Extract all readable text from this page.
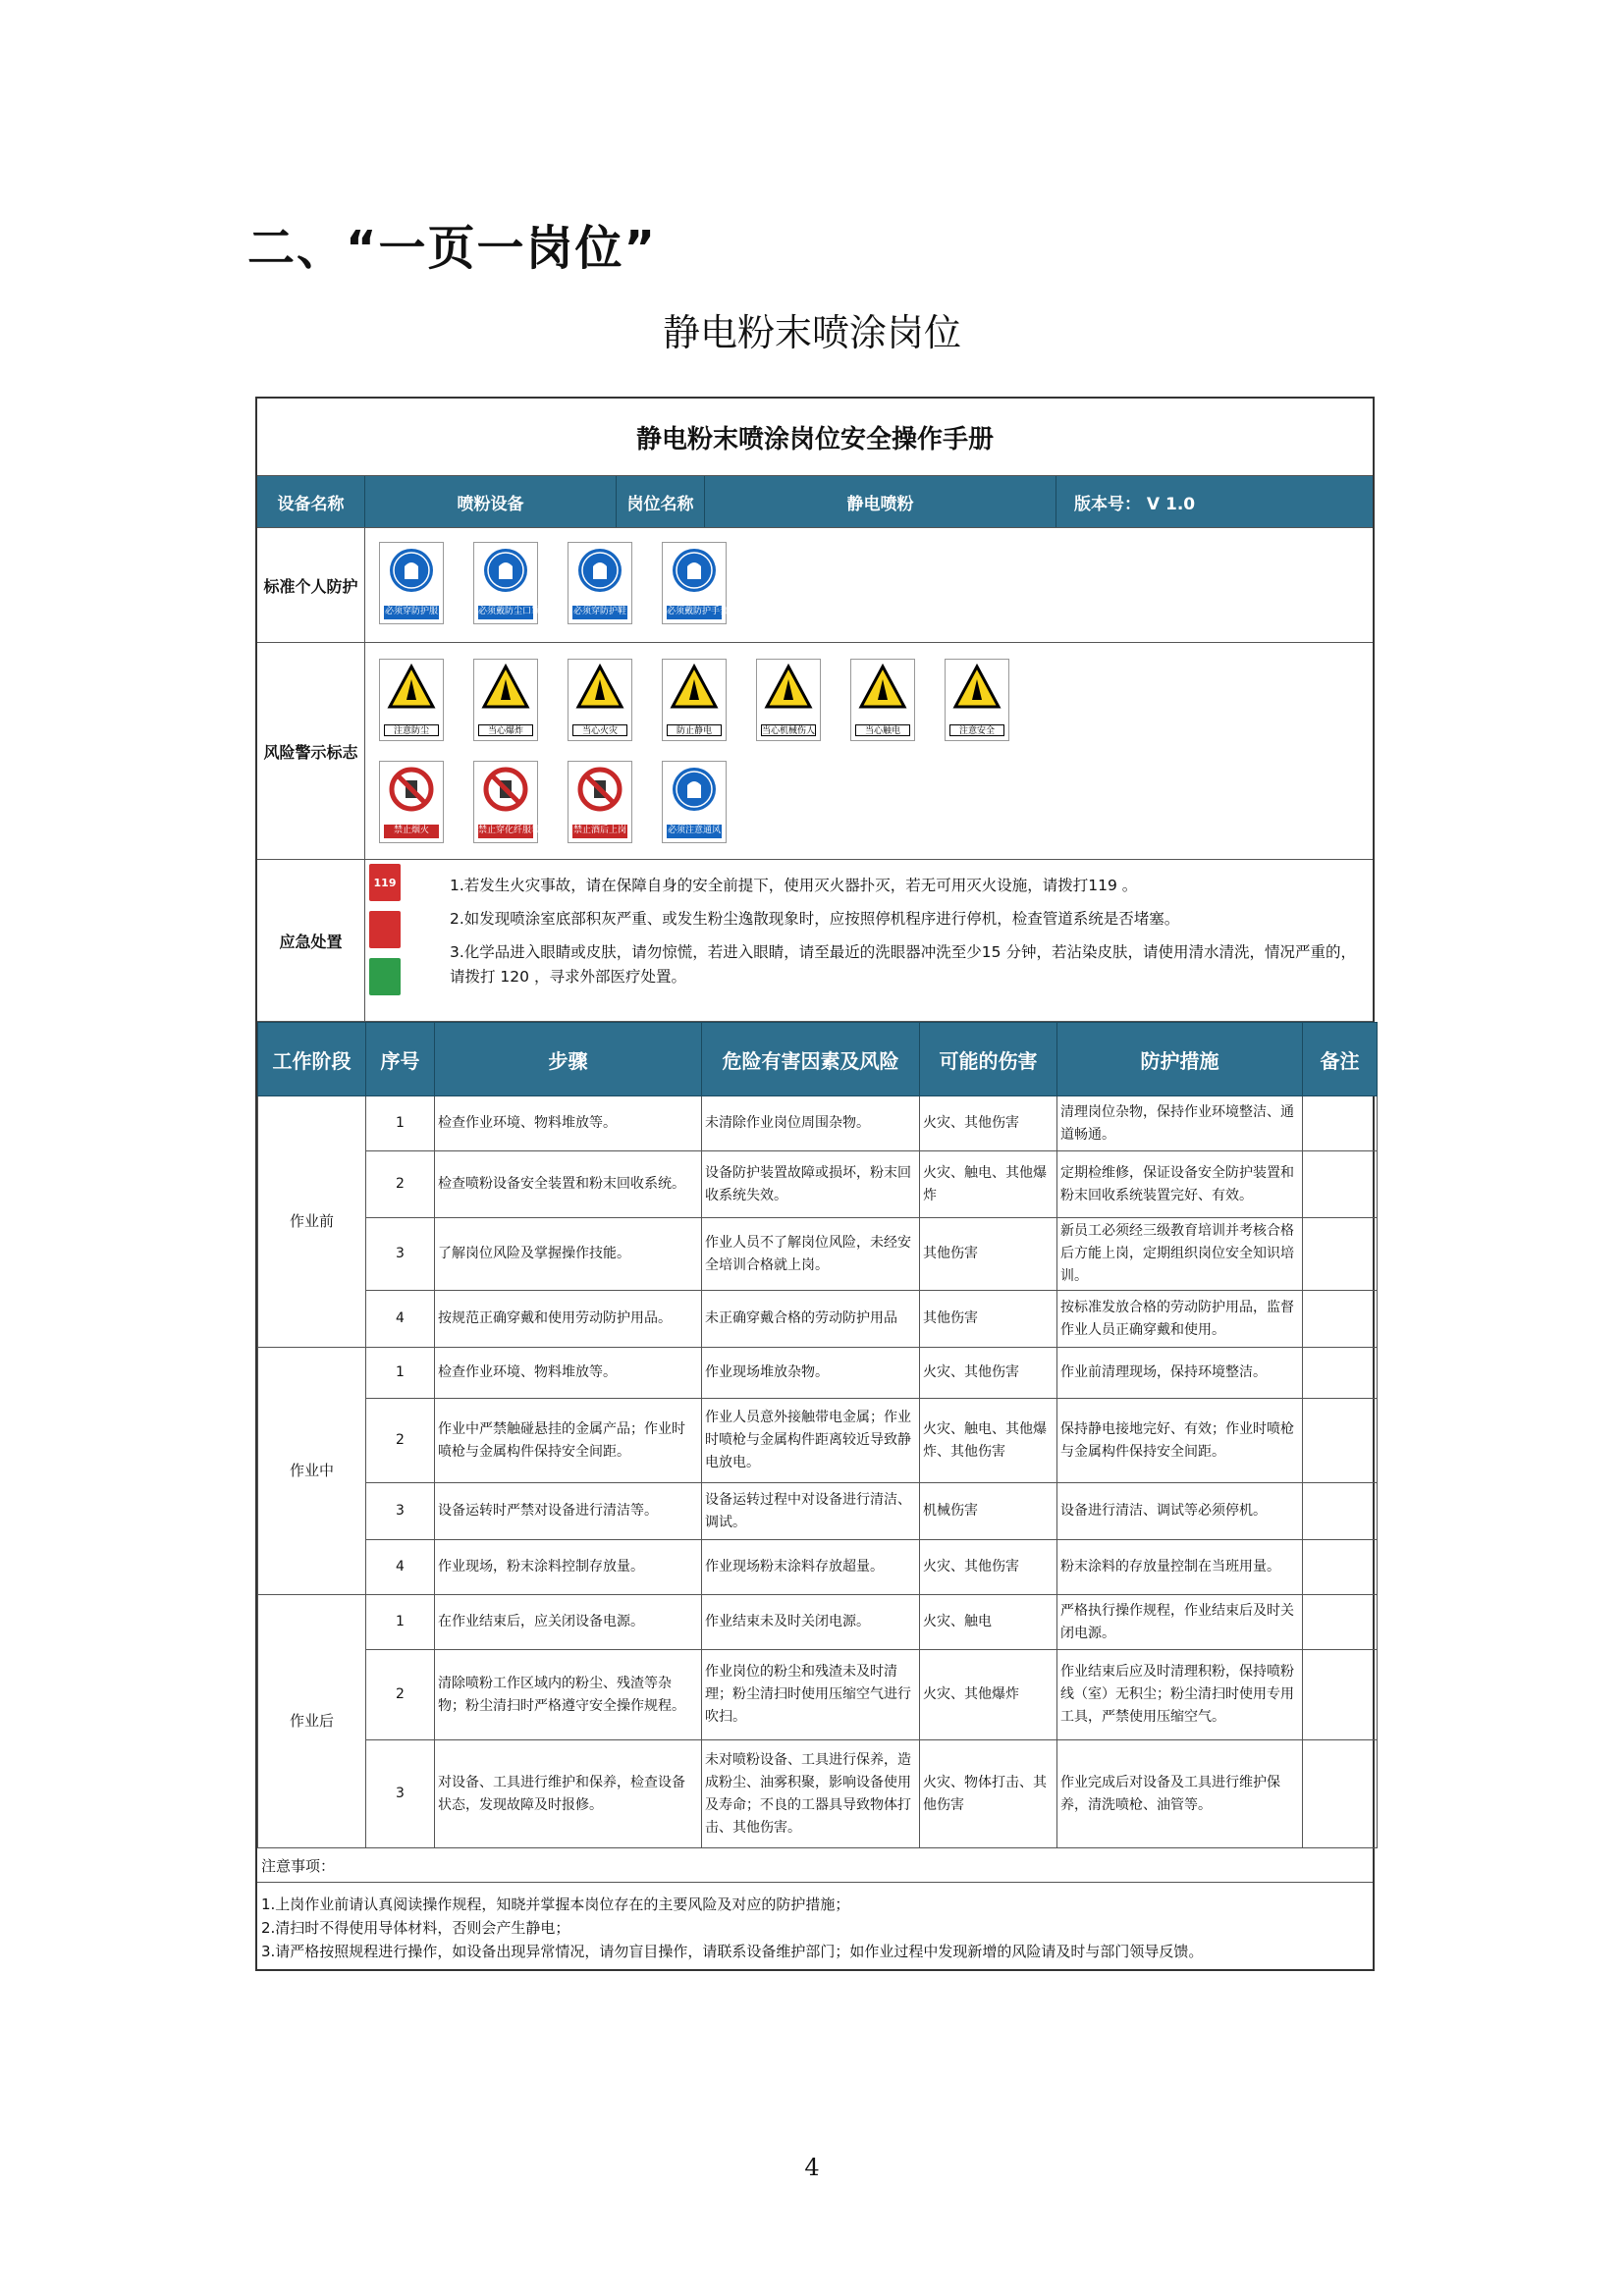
二、“一页一岗位”
静电粉末喷涂岗位
静电粉末喷涂岗位安全操作手册
设备名称	喷粉设备	岗位名称	静电喷粉	版本号： V 1.0
标准个人防护
必须穿防护服	必须戴防尘口罩	必须穿防护鞋	必须戴防护手套
风险警示标志
注意防尘	当心爆炸	当心火灾	防止静电	当心机械伤人	当心触电	注意安全
禁止烟火	禁止穿化纤服装	禁止酒后上岗	必须注意通风
应急处置
119	1.若发生火灾事故，请在保障自身的安全前提下，使用灭火器扑灭，若无可用灭火设施，请拨打119 。

2.如发现喷涂室底部积灰严重、或发生粉尘逸散现象时，应按照停机程序进行停机，检查管道系统是否堵塞。

3.化学品进入眼睛或皮肤，请勿惊慌，若进入眼睛，请至最近的洗眼器冲洗至少15 分钟，若沾染皮肤，请使用清水清洗，情况严重的，请拨打 120 ，寻求外部医疗处置。

工作阶段	序号	步骤	危险有害因素及风险	可能的伤害	防护措施	备注
作业前	1	检查作业环境、物料堆放等。	未清除作业岗位周围杂物。	火灾、其他伤害	清理岗位杂物，保持作业环境整洁、通道畅通。	
	2	检查喷粉设备安全装置和粉末回收系统。	设备防护装置故障或损坏，粉末回收系统失效。	火灾、触电、其他爆炸	定期检维修，保证设备安全防护装置和粉末回收系统装置完好、有效。	
	3	了解岗位风险及掌握操作技能。	作业人员不了解岗位风险，未经安全培训合格就上岗。	其他伤害	新员工必须经三级教育培训并考核合格后方能上岗，定期组织岗位安全知识培训。	
	4	按规范正确穿戴和使用劳动防护用品。	未正确穿戴合格的劳动防护用品	其他伤害	按标准发放合格的劳动防护用品，监督作业人员正确穿戴和使用。	
作业中	1	检查作业环境、物料堆放等。	作业现场堆放杂物。	火灾、其他伤害	作业前清理现场，保持环境整洁。	
	2	作业中严禁触碰悬挂的金属产品；作业时喷枪与金属构件保持安全间距。	作业人员意外接触带电金属；作业时喷枪与金属构件距离较近导致静电放电。	火灾、触电、其他爆炸、其他伤害	保持静电接地完好、有效；作业时喷枪与金属构件保持安全间距。	
	3	设备运转时严禁对设备进行清洁等。	设备运转过程中对设备进行清洁、调试。	机械伤害	设备进行清洁、调试等必须停机。	
	4	作业现场，粉末涂料控制存放量。	作业现场粉末涂料存放超量。	火灾、其他伤害	粉末涂料的存放量控制在当班用量。	
作业后	1	在作业结束后，应关闭设备电源。	作业结束未及时关闭电源。	火灾、触电	严格执行操作规程，作业结束后及时关闭电源。	
	2	清除喷粉工作区域内的粉尘、残渣等杂物；粉尘清扫时严格遵守安全操作规程。	作业岗位的粉尘和残渣未及时清理；粉尘清扫时使用压缩空气进行吹扫。	火灾、其他爆炸	作业结束后应及时清理积粉，保持喷粉线（室）无积尘；粉尘清扫时使用专用工具，严禁使用压缩空气。	
	3	对设备、工具进行维护和保养，检查设备状态，发现故障及时报修。	未对喷粉设备、工具进行保养，造成粉尘、油雾积聚，影响设备使用及寿命；不良的工器具导致物体打击、其他伤害。	火灾、物体打击、其他伤害	作业完成后对设备及工具进行维护保养，清洗喷枪、油管等。	
注意事项：

1.上岗作业前请认真阅读操作规程，知晓并掌握本岗位存在的主要风险及对应的防护措施；

2.清扫时不得使用导体材料，否则会产生静电；

3.请严格按照规程进行操作，如设备出现异常情况，请勿盲目操作，请联系设备维护部门；如作业过程中发现新增的风险请及时与部门领导反馈。

4
